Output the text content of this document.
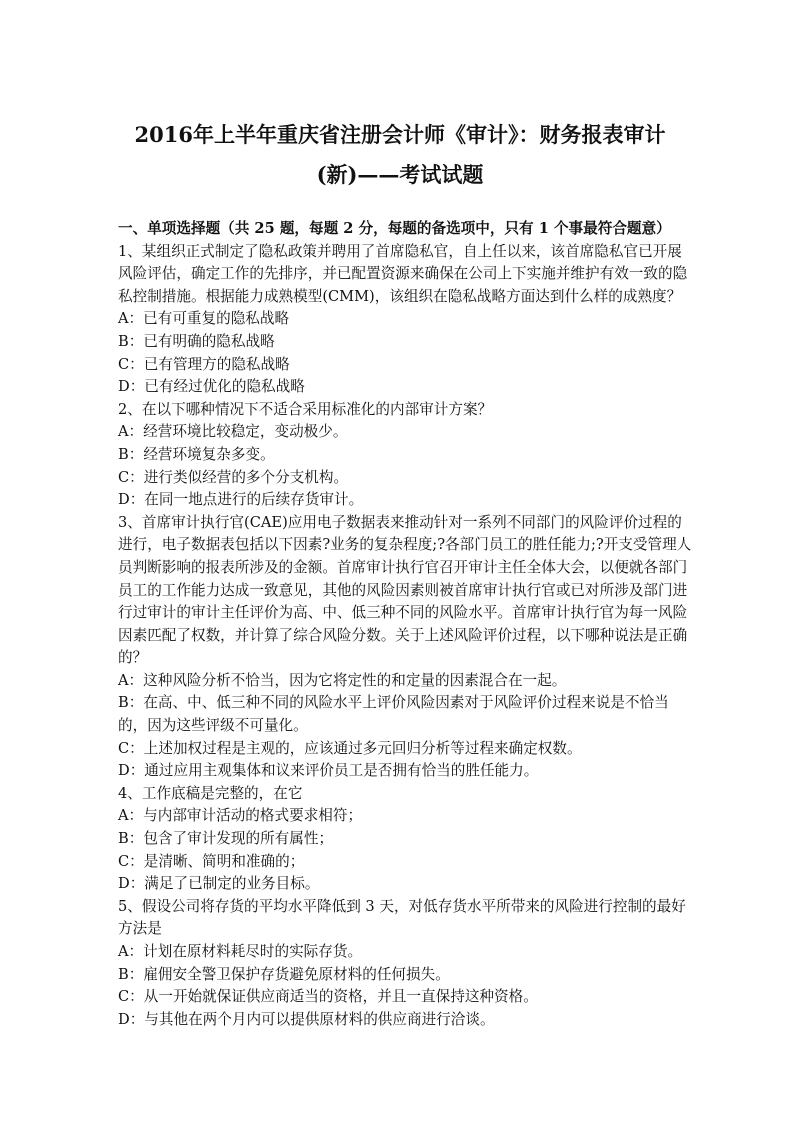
2016年上半年重庆省注册会计师《审计》：财务报表审计
(新)——考试试题

一、单项选择题（共 25 题，每题 2 分，每题的备选项中，只有 1 个事最符合题意）

1、某组织正式制定了隐私政策并聘用了首席隐私官，自上任以来，该首席隐私官已开展风险评估，确定工作的先排序，并已配置资源来确保在公司上下实施并维护有效一致的隐私控制措施。根据能力成熟模型(CMM)，该组织在隐私战略方面达到什么样的成熟度？

A：已有可重复的隐私战略

B：已有明确的隐私战略

C：已有管理方的隐私战略

D：已有经过优化的隐私战略

2、在以下哪种情况下不适合采用标准化的内部审计方案？

A：经营环境比较稳定，变动极少。

B：经营环境复杂多变。

C：进行类似经营的多个分支机构。

D：在同一地点进行的后续存货审计。

3、首席审计执行官(CAE)应用电子数据表来推动针对一系列不同部门的风险评价过程的进行，电子数据表包括以下因素?业务的复杂程度;?各部门员工的胜任能力;?开支受管理人员判断影响的报表所涉及的金额。首席审计执行官召开审计主任全体大会，以便就各部门员工的工作能力达成一致意见，其他的风险因素则被首席审计执行官或已对所涉及部门进行过审计的审计主任评价为高、中、低三种不同的风险水平。首席审计执行官为每一风险因素匹配了权数，并计算了综合风险分数。关于上述风险评价过程，以下哪种说法是正确的？

A：这种风险分析不恰当，因为它将定性的和定量的因素混合在一起。

B：在高、中、低三种不同的风险水平上评价风险因素对于风险评价过程来说是不恰当的，因为这些评级不可量化。

C：上述加权过程是主观的，应该通过多元回归分析等过程来确定权数。

D：通过应用主观集体和议来评价员工是否拥有恰当的胜任能力。

4、工作底稿是完整的，在它

A：与内部审计活动的格式要求相符；

B：包含了审计发现的所有属性；

C：是清晰、简明和准确的；

D：满足了已制定的业务目标。

5、假设公司将存货的平均水平降低到 3 天，对低存货水平所带来的风险进行控制的最好方法是

A：计划在原材料耗尽时的实际存货。

B：雇佣安全警卫保护存货避免原材料的任何损失。

C：从一开始就保证供应商适当的资格，并且一直保持这种资格。

D：与其他在两个月内可以提供原材料的供应商进行洽谈。
